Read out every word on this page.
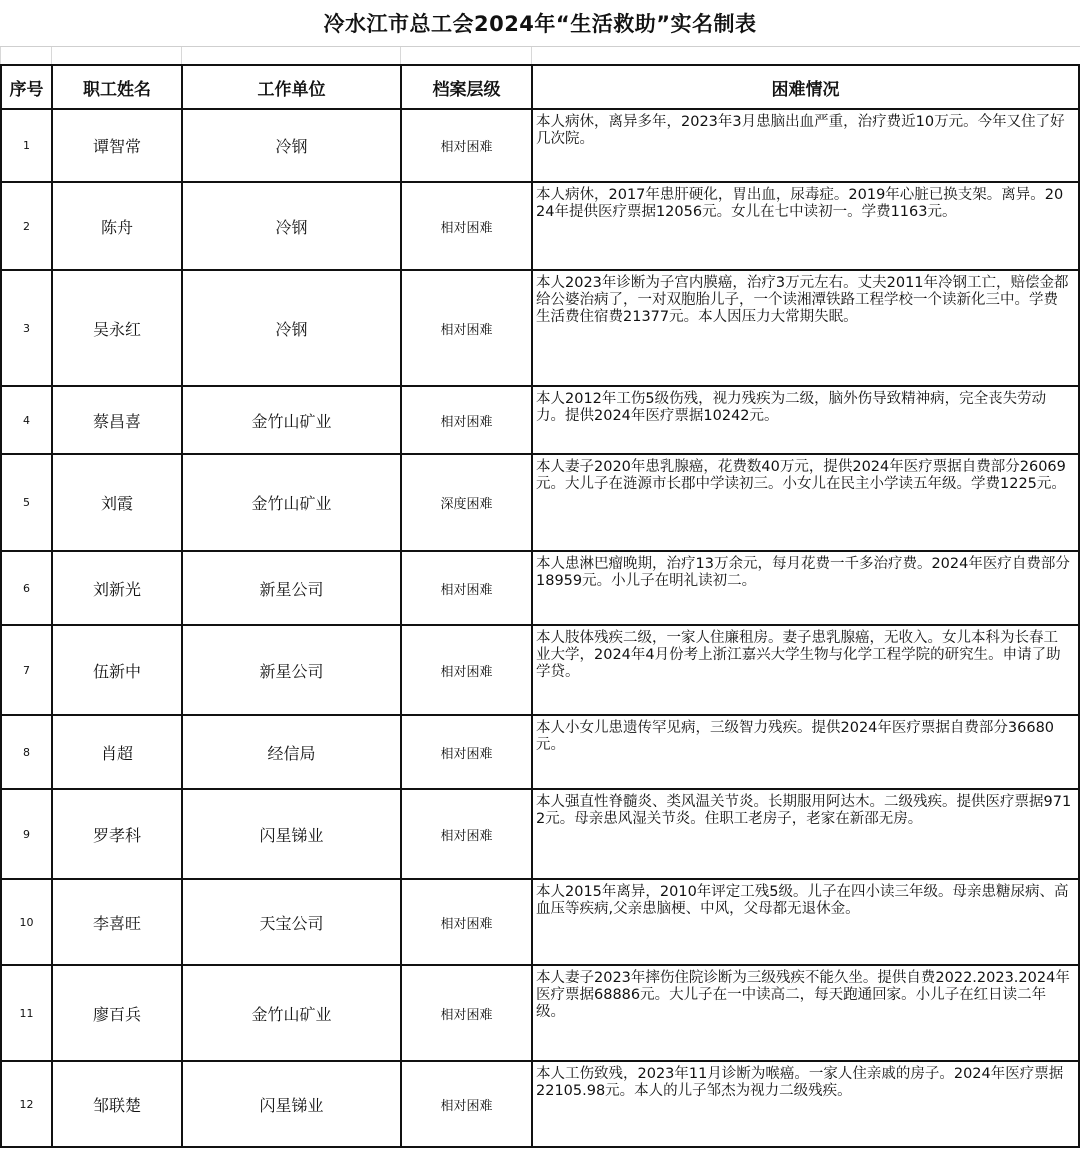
冷水江市总工会2024年“生活救助”实名制表
序号	职工姓名	工作单位	档案层级	困难情况
1	谭智常	冷钢	相对困难	本人病休，离异多年，2023年3月患脑出血严重，治疗费近10万元。今年又住了好几次院。
2	陈舟	冷钢	相对困难	本人病休，2017年患肝硬化，胃出血，尿毒症。2019年心脏已换支架。离异。2024年提供医疗票据12056元。女儿在七中读初一。学费1163元。
3	吴永红	冷钢	相对困难	本人2023年诊断为子宫内膜癌，治疗3万元左右。丈夫2011年冷钢工亡，赔偿金都给公婆治病了，一对双胞胎儿子，一个读湘潭铁路工程学校一个读新化三中。学费生活费住宿费21377元。本人因压力大常期失眠。
4	蔡昌喜	金竹山矿业	相对困难	本人2012年工伤5级伤残，视力残疾为二级，脑外伤导致精神病，完全丧失劳动力。提供2024年医疗票据10242元。
5	刘霞	金竹山矿业	深度困难	本人妻子2020年患乳腺癌，花费数40万元，提供2024年医疗票据自费部分26069元。大儿子在涟源市长郡中学读初三。小女儿在民主小学读五年级。学费1225元。
6	刘新光	新星公司	相对困难	本人患淋巴瘤晚期，治疗13万余元，每月花费一千多治疗费。2024年医疗自费部分18959元。小儿子在明礼读初二。
7	伍新中	新星公司	相对困难	本人肢体残疾二级，一家人住廉租房。妻子患乳腺癌，无收入。女儿本科为长春工业大学，2024年4月份考上浙江嘉兴大学生物与化学工程学院的研究生。申请了助学贷。
8	肖超	经信局	相对困难	本人小女儿患遗传罕见病，三级智力残疾。提供2024年医疗票据自费部分36680元。
9	罗孝科	闪星锑业	相对困难	本人强直性脊髓炎、类风温关节炎。长期服用阿达木。二级残疾。提供医疗票据9712元。母亲患风湿关节炎。住职工老房子，老家在新邵无房。
10	李喜旺	天宝公司	相对困难	本人2015年离异，2010年评定工残5级。儿子在四小读三年级。母亲患糖尿病、高血压等疾病,父亲患脑梗、中风，父母都无退休金。
11	廖百兵	金竹山矿业	相对困难	本人妻子2023年摔伤住院诊断为三级残疾不能久坐。提供自费2022.2023.2024年医疗票据68886元。大儿子在一中读高二，每天跑通回家。小儿子在红日读二年级。
12	邹联楚	闪星锑业	相对困难	本人工伤致残，2023年11月诊断为喉癌。一家人住亲戚的房子。2024年医疗票据22105.98元。本人的儿子邹杰为视力二级残疾。
